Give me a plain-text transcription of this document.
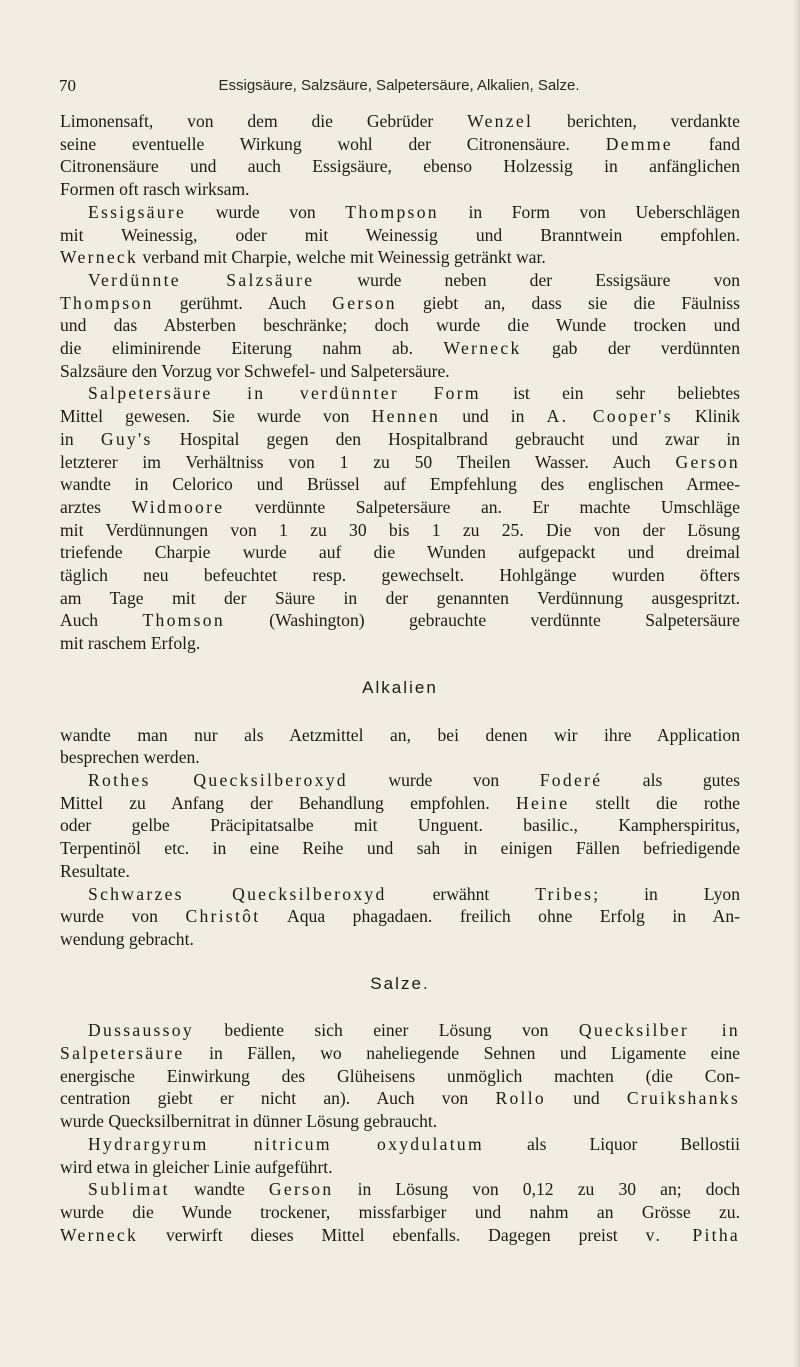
70	Essigsäure, Salzsäure, Salpetersäure, Alkalien, Salze.
Limonensaft, von dem die Gebrüder Wenzel berichten, verdankte
seine eventuelle Wirkung wohl der Citronensäure. Demme fand
Citronensäure und auch Essigsäure, ebenso Holzessig in anfänglichen
Formen oft rasch wirksam.
Essigsäure wurde von Thompson in Form von Ueberschlägen
mit Weinessig, oder mit Weinessig und Branntwein empfohlen.
Werneck verband mit Charpie, welche mit Weinessig getränkt war.
Verdünnte Salzsäure wurde neben der Essigsäure von
Thompson gerühmt. Auch Gerson giebt an, dass sie die Fäulniss
und das Absterben beschränke; doch wurde die Wunde trocken und
die eliminirende Eiterung nahm ab. Werneck gab der verdünnten
Salzsäure den Vorzug vor Schwefel- und Salpetersäure.
Salpetersäure in verdünnter Form ist ein sehr beliebtes
Mittel gewesen. Sie wurde von Hennen und in A. Cooper's Klinik
in Guy's Hospital gegen den Hospitalbrand gebraucht und zwar in
letzterer im Verhältniss von 1 zu 50 Theilen Wasser. Auch Gerson
wandte in Celorico und Brüssel auf Empfehlung des englischen Armee-
arztes Widmoore verdünnte Salpetersäure an. Er machte Umschläge
mit Verdünnungen von 1 zu 30 bis 1 zu 25. Die von der Lösung
triefende Charpie wurde auf die Wunden aufgepackt und dreimal
täglich neu befeuchtet resp. gewechselt. Hohlgänge wurden öfters
am Tage mit der Säure in der genannten Verdünnung ausgespritzt.
Auch Thomson (Washington) gebrauchte verdünnte Salpetersäure
mit raschem Erfolg.
Alkalien
wandte man nur als Aetzmittel an, bei denen wir ihre Application
besprechen werden.
Rothes Quecksilberoxyd wurde von Foderé als gutes
Mittel zu Anfang der Behandlung empfohlen. Heine stellt die rothe
oder gelbe Präcipitatsalbe mit Unguent. basilic., Kampherspiritus,
Terpentinöl etc. in eine Reihe und sah in einigen Fällen befriedigende
Resultate.
Schwarzes Quecksilberoxyd erwähnt Tribes; in Lyon
wurde von Christôt Aqua phagadaen. freilich ohne Erfolg in An-
wendung gebracht.
Salze.
Dussaussoy bediente sich einer Lösung von Quecksilber in
Salpetersäure in Fällen, wo naheliegende Sehnen und Ligamente eine
energische Einwirkung des Glüheisens unmöglich machten (die Con-
centration giebt er nicht an). Auch von Rollo und Cruikshanks
wurde Quecksilbernitrat in dünner Lösung gebraucht.
Hydrargyrum nitricum oxydulatum als Liquor Bellostii
wird etwa in gleicher Linie aufgeführt.
Sublimat wandte Gerson in Lösung von 0,12 zu 30 an; doch
wurde die Wunde trockener, missfarbiger und nahm an Grösse zu.
Werneck verwirft dieses Mittel ebenfalls. Dagegen preist v. Pitha
